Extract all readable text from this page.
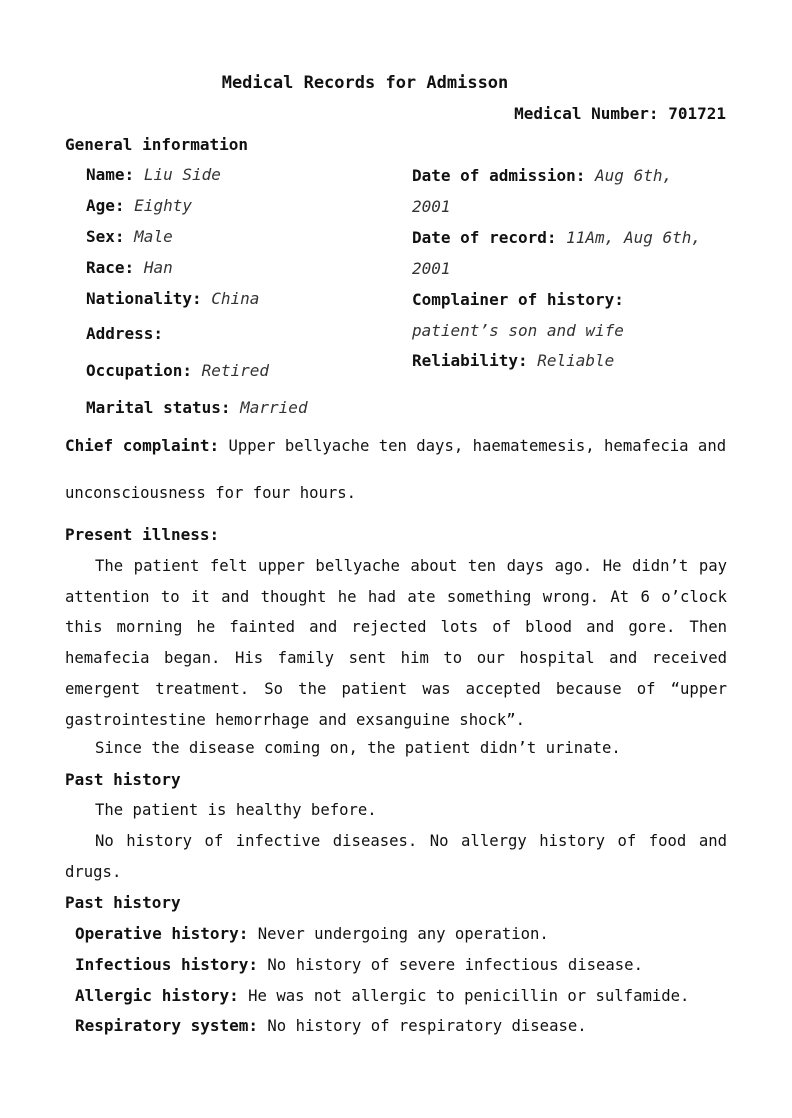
Medical Records for Admisson
Medical Number: 701721
General information
Name: Liu Side
Age: Eighty
Sex: Male
Race: Han
Nationality: China
Address:
Occupation: Retired
Marital status: Married
Date of admission: Aug 6th, 2001
Date of record: 11Am, Aug 6th, 2001
Complainer of history:
patient’s son and wife
Reliability: Reliable
Chief complaint: Upper bellyache ten days, haematemesis, hemafecia and
unconsciousness for four hours.
Present illness:
The patient felt upper bellyache about ten days ago. He didn’t pay attention to it and thought he had ate something wrong. At 6 o’clock this morning he fainted and rejected lots of blood and gore. Then hemafecia began. His family sent him to our hospital and received emergent treatment. So the patient was accepted because of “upper gastrointestine hemorrhage and exsanguine shock”.
Since the disease coming on, the patient didn’t urinate.
Past history
The patient is healthy before.
No history of infective diseases. No allergy history of food and drugs.
Past history
Operative history: Never undergoing any operation.
Infectious history: No history of severe infectious disease.
Allergic history: He was not allergic to penicillin or sulfamide.
Respiratory system: No history of respiratory disease.
